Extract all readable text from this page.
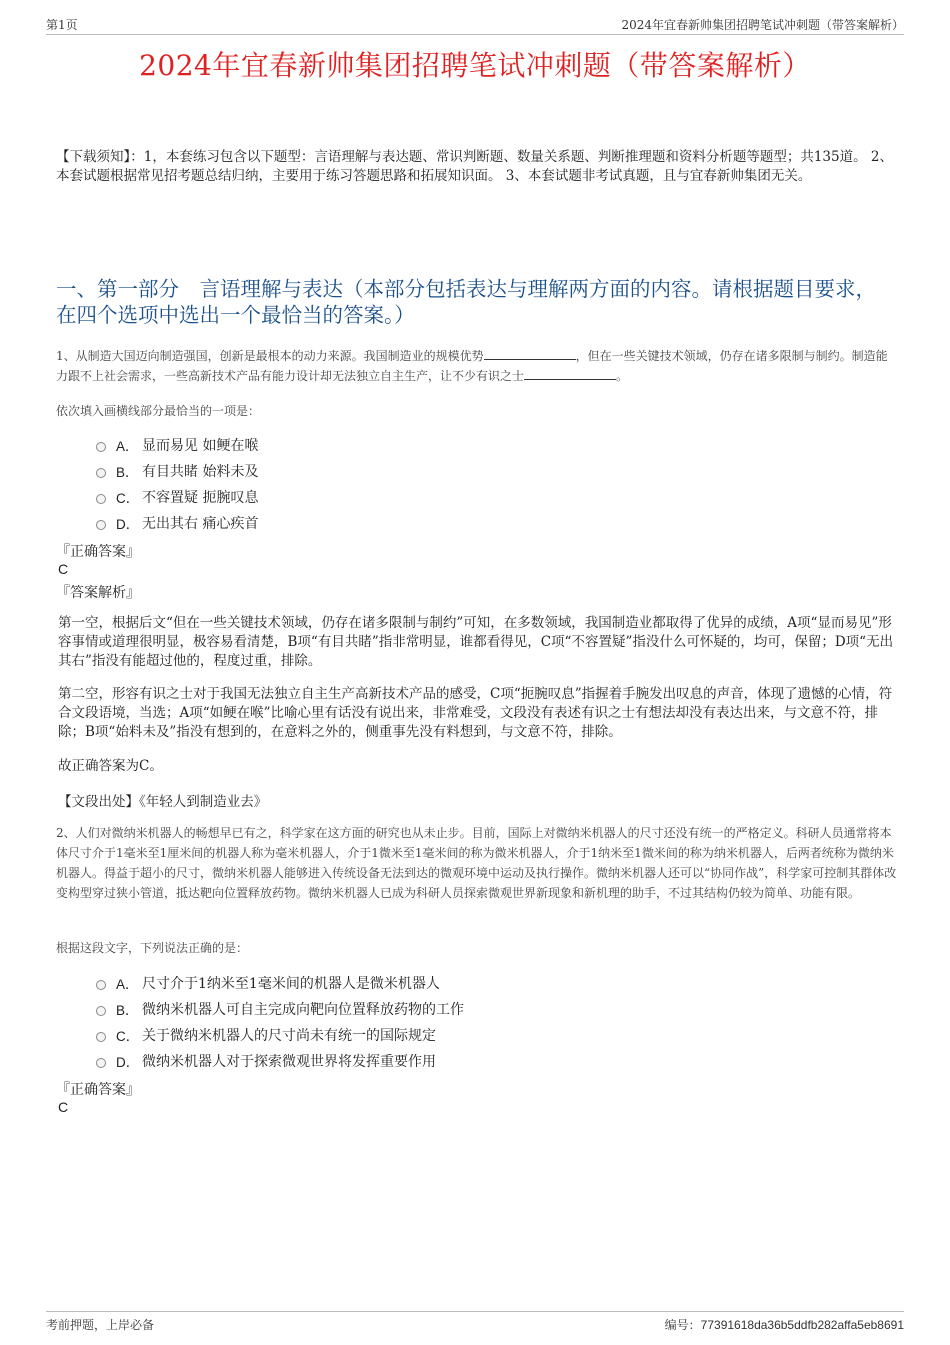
第1页	2024年宜春新帅集团招聘笔试冲刺题（带答案解析）
2024年宜春新帅集团招聘笔试冲刺题（带答案解析）
【下载须知】：1，本套练习包含以下题型：言语理解与表达题、常识判断题、数量关系题、判断推理题和资料分析题等题型；共135道。 2、本套试题根据常见招考题总结归纳，主要用于练习答题思路和拓展知识面。 3、本套试题非考试真题，且与宜春新帅集团无关。
一、第一部分　言语理解与表达（本部分包括表达与理解两方面的内容。请根据题目要求，在四个选项中选出一个最恰当的答案。）
1、从制造大国迈向制造强国，创新是最根本的动力来源。我国制造业的规模优势	，但在一些关键技术领域，仍存在诸多限制与制约。制造能力跟不上社会需求，一些高新技术产品有能力设计却无法独立自主生产，让不少有识之士	。
依次填入画横线部分最恰当的一项是：
A． 显而易见 如鲠在喉
B． 有目共睹 始料未及
C． 不容置疑 扼腕叹息
D． 无出其右 痛心疾首
『正确答案』
C
『答案解析』

第一空，根据后文“但在一些关键技术领域，仍存在诸多限制与制约”可知，在多数领域，我国制造业都取得了优异的成绩，A项“显而易见”形容事情或道理很明显，极容易看清楚，B项“有目共睹”指非常明显，谁都看得见，C项“不容置疑”指没什么可怀疑的，均可，保留；D项“无出其右”指没有能超过他的，程度过重，排除。

第二空，形容有识之士对于我国无法独立自主生产高新技术产品的感受，C项“扼腕叹息”指握着手腕发出叹息的声音，体现了遗憾的心情，符合文段语境，当选；A项“如鲠在喉”比喻心里有话没有说出来，非常难受，文段没有表述有识之士有想法却没有表达出来，与文意不符，排除；B项“始料未及”指没有想到的，在意料之外的，侧重事先没有料想到，与文意不符，排除。

故正确答案为C。

【文段出处】《年轻人到制造业去》
2、人们对微纳米机器人的畅想早已有之，科学家在这方面的研究也从未止步。目前，国际上对微纳米机器人的尺寸还没有统一的严格定义。科研人员通常将本体尺寸介于1毫米至1厘米间的机器人称为毫米机器人，介于1微米至1毫米间的称为微米机器人，介于1纳米至1微米间的称为纳米机器人，后两者统称为微纳米机器人。得益于超小的尺寸，微纳米机器人能够进入传统设备无法到达的微观环境中运动及执行操作。微纳米机器人还可以“协同作战”，科学家可控制其群体改变构型穿过狭小管道，抵达靶向位置释放药物。微纳米机器人已成为科研人员探索微观世界新现象和新机理的助手，不过其结构仍较为简单、功能有限。
根据这段文字，下列说法正确的是：
A． 尺寸介于1纳米至1毫米间的机器人是微米机器人
B． 微纳米机器人可自主完成向靶向位置释放药物的工作
C． 关于微纳米机器人的尺寸尚未有统一的国际规定
D． 微纳米机器人对于探索微观世界将发挥重要作用
『正确答案』
C
考前押题，上岸必备	编号：77391618da36b5ddfb282affa5eb8691
